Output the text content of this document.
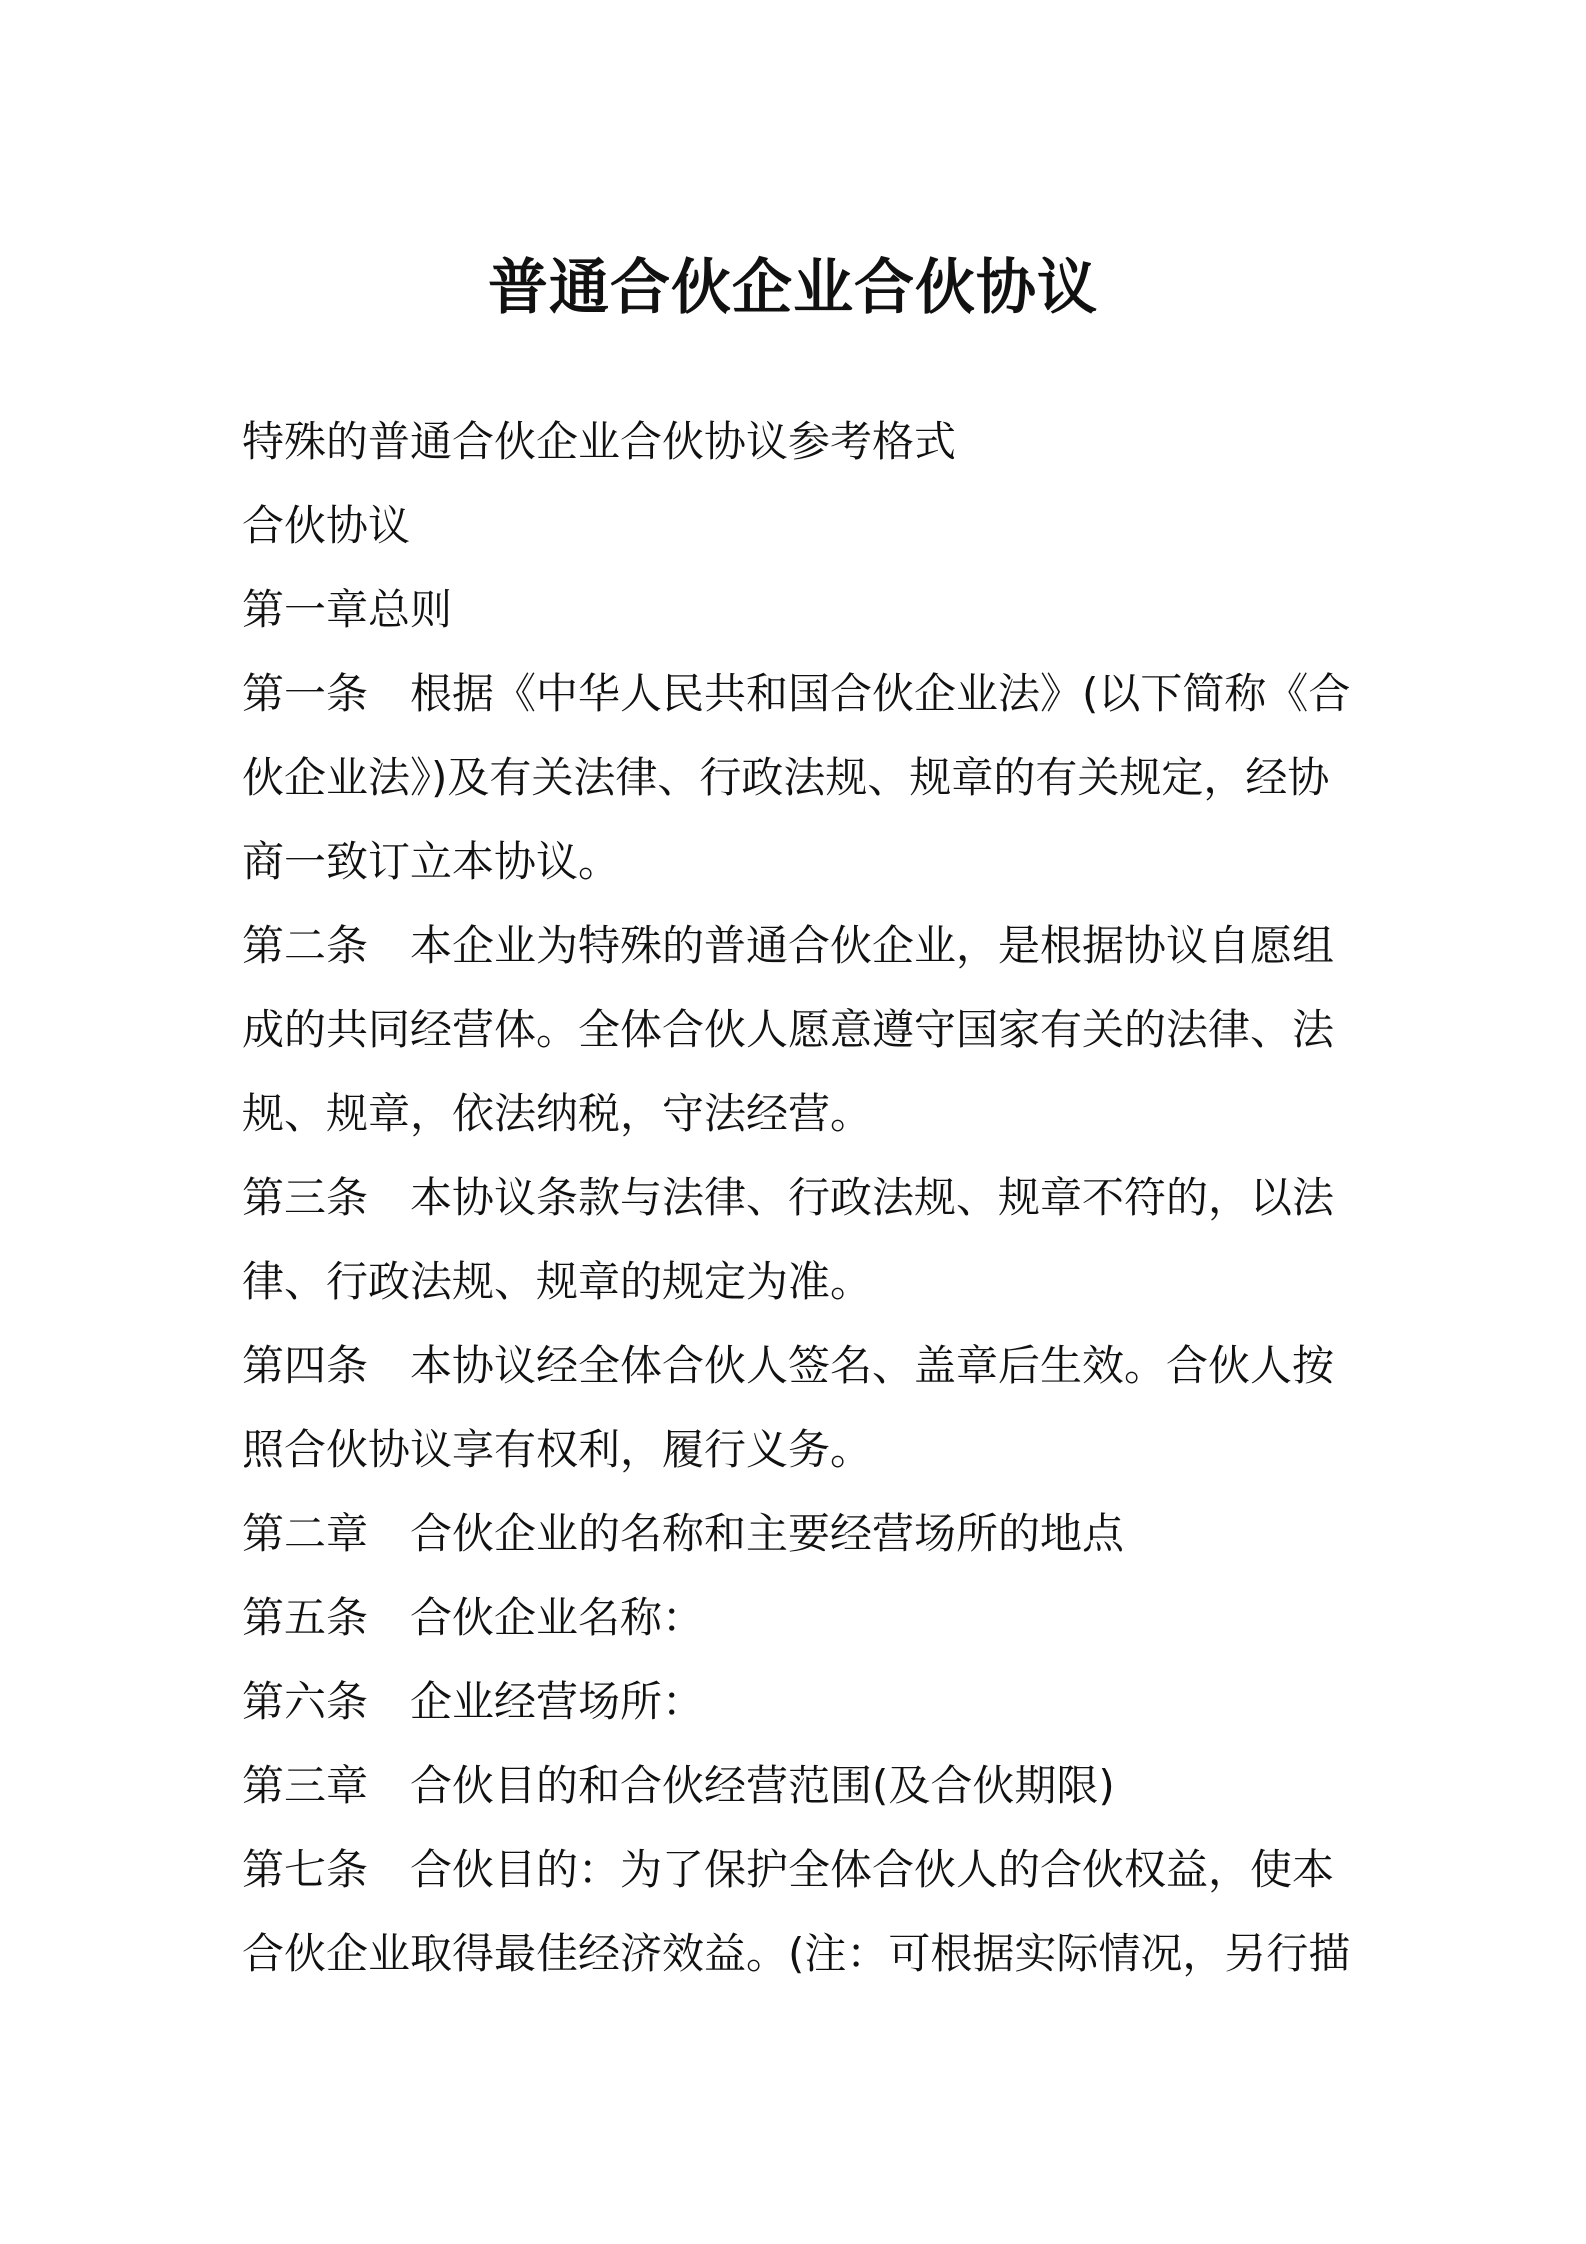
普通合伙企业合伙协议
特殊的普通合伙企业合伙协议参考格式
合伙协议
第一章总则
第一条 根据《中华人民共和国合伙企业法》(以下简称《合
伙企业法》)及有关法律、行政法规、规章的有关规定，经协
商一致订立本协议。
第二条 本企业为特殊的普通合伙企业，是根据协议自愿组
成的共同经营体。全体合伙人愿意遵守国家有关的法律、法
规、规章，依法纳税，守法经营。
第三条 本协议条款与法律、行政法规、规章不符的，以法
律、行政法规、规章的规定为准。
第四条 本协议经全体合伙人签名、盖章后生效。合伙人按
照合伙协议享有权利，履行义务。
第二章 合伙企业的名称和主要经营场所的地点
第五条 合伙企业名称：
第六条 企业经营场所：
第三章 合伙目的和合伙经营范围(及合伙期限)
第七条 合伙目的：为了保护全体合伙人的合伙权益，使本
合伙企业取得最佳经济效益。(注：可根据实际情况，另行描
